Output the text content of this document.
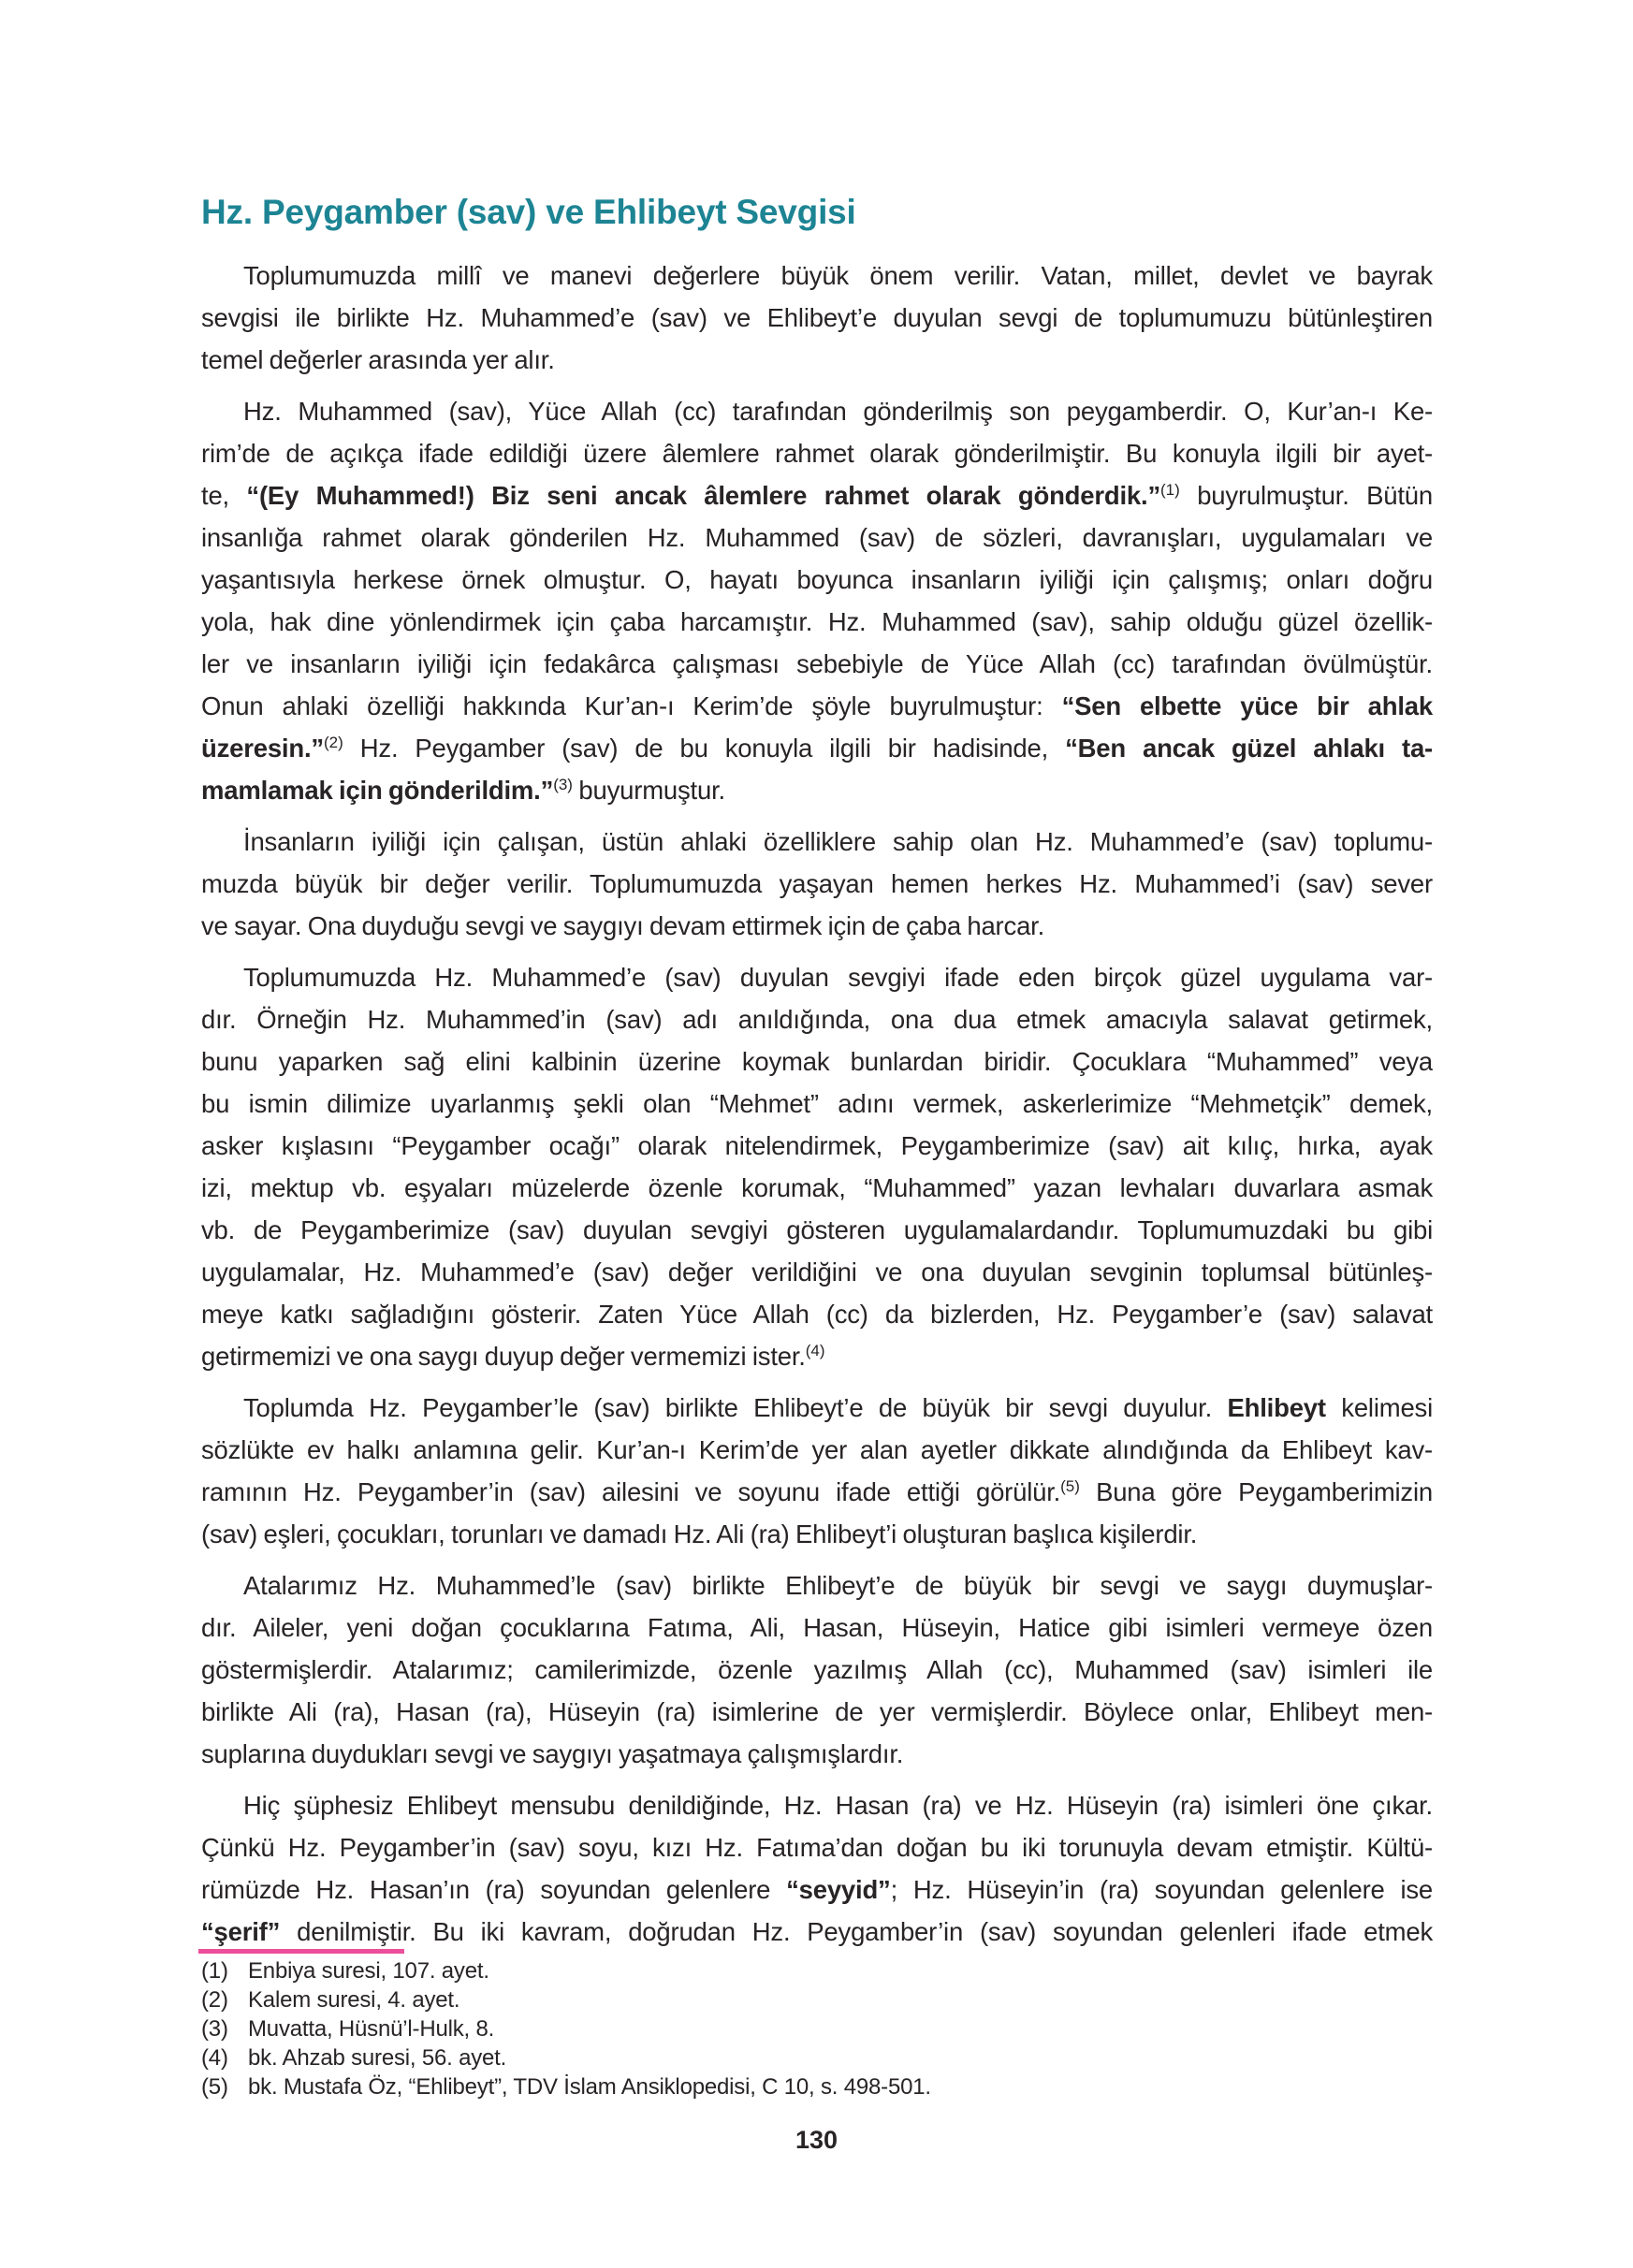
Hz. Peygamber (sav) ve Ehlibeyt Sevgisi
Toplumumuzda millî ve manevi değerlere büyük önem verilir. Vatan, millet, devlet ve bayrak
sevgisi ile birlikte Hz. Muhammed’e (sav) ve Ehlibeyt’e duyulan sevgi de toplumumuzu bütünleştiren
temel değerler arasında yer alır.
Hz. Muhammed (sav), Yüce Allah (cc) tarafından gönderilmiş son peygamberdir. O, Kur’an-ı Ke-
rim’de de açıkça ifade edildiği üzere âlemlere rahmet olarak gönderilmiştir. Bu konuyla ilgili bir ayet-
te, “(Ey Muhammed!) Biz seni ancak âlemlere rahmet olarak gönderdik.”$^{(1)}$ buyrulmuştur. Bütün
insanlığa rahmet olarak gönderilen Hz. Muhammed (sav) de sözleri, davranışları, uygulamaları ve
yaşantısıyla herkese örnek olmuştur. O, hayatı boyunca insanların iyiliği için çalışmış; onları doğru
yola, hak dine yönlendirmek için çaba harcamıştır. Hz. Muhammed (sav), sahip olduğu güzel özellik-
ler ve insanların iyiliği için fedakârca çalışması sebebiyle de Yüce Allah (cc) tarafından övülmüştür.
Onun ahlaki özelliği hakkında Kur’an-ı Kerim’de şöyle buyrulmuştur: “Sen elbette yüce bir ahlak
üzeresin.”$^{(2)}$ Hz. Peygamber (sav) de bu konuyla ilgili bir hadisinde, “Ben ancak güzel ahlakı ta-
mamlamak için gönderildim.”$^{(3)}$ buyurmuştur.
İnsanların iyiliği için çalışan, üstün ahlaki özelliklere sahip olan Hz. Muhammed’e (sav) toplumu-
muzda büyük bir değer verilir. Toplumumuzda yaşayan hemen herkes Hz. Muhammed’i (sav) sever
ve sayar. Ona duyduğu sevgi ve saygıyı devam ettirmek için de çaba harcar.
Toplumumuzda Hz. Muhammed’e (sav) duyulan sevgiyi ifade eden birçok güzel uygulama var-
dır. Örneğin Hz. Muhammed’in (sav) adı anıldığında, ona dua etmek amacıyla salavat getirmek,
bunu yaparken sağ elini kalbinin üzerine koymak bunlardan biridir. Çocuklara “Muhammed” veya
bu ismin dilimize uyarlanmış şekli olan “Mehmet” adını vermek, askerlerimize “Mehmetçik” demek,
asker kışlasını “Peygamber ocağı” olarak nitelendirmek, Peygamberimize (sav) ait kılıç, hırka, ayak
izi, mektup vb. eşyaları müzelerde özenle korumak, “Muhammed” yazan levhaları duvarlara asmak
vb. de Peygamberimize (sav) duyulan sevgiyi gösteren uygulamalardandır. Toplumumuzdaki bu gibi
uygulamalar, Hz. Muhammed’e (sav) değer verildiğini ve ona duyulan sevginin toplumsal bütünleş-
meye katkı sağladığını gösterir. Zaten Yüce Allah (cc) da bizlerden, Hz. Peygamber’e (sav) salavat
getirmemizi ve ona saygı duyup değer vermemizi ister.$^{(4)}$
Toplumda Hz. Peygamber’le (sav) birlikte Ehlibeyt’e de büyük bir sevgi duyulur. Ehlibeyt kelimesi
sözlükte ev halkı anlamına gelir. Kur’an-ı Kerim’de yer alan ayetler dikkate alındığında da Ehlibeyt kav-
ramının Hz. Peygamber’in (sav) ailesini ve soyunu ifade ettiği görülür.$^{(5)}$ Buna göre Peygamberimizin
(sav) eşleri, çocukları, torunları ve damadı Hz. Ali (ra) Ehlibeyt’i oluşturan başlıca kişilerdir.
Atalarımız Hz. Muhammed’le (sav) birlikte Ehlibeyt’e de büyük bir sevgi ve saygı duymuşlar-
dır. Aileler, yeni doğan çocuklarına Fatıma, Ali, Hasan, Hüseyin, Hatice gibi isimleri vermeye özen
göstermişlerdir. Atalarımız; camilerimizde, özenle yazılmış Allah (cc), Muhammed (sav) isimleri ile
birlikte Ali (ra), Hasan (ra), Hüseyin (ra) isimlerine de yer vermişlerdir. Böylece onlar, Ehlibeyt men-
suplarına duydukları sevgi ve saygıyı yaşatmaya çalışmışlardır.
Hiç şüphesiz Ehlibeyt mensubu denildiğinde, Hz. Hasan (ra) ve Hz. Hüseyin (ra) isimleri öne çıkar.
Çünkü Hz. Peygamber’in (sav) soyu, kızı Hz. Fatıma’dan doğan bu iki torunuyla devam etmiştir. Kültü-
rümüzde Hz. Hasan’ın (ra) soyundan gelenlere “seyyid”; Hz. Hüseyin’in (ra) soyundan gelenlere ise
“şerif” denilmiştir. Bu iki kavram, doğrudan Hz. Peygamber’in (sav) soyundan gelenleri ifade etmek
(1) Enbiya suresi, 107. ayet.
(2) Kalem suresi, 4. ayet.
(3) Muvatta, Hüsnü’l-Hulk, 8.
(4) bk. Ahzab suresi, 56. ayet.
(5) bk. Mustafa Öz, “Ehlibeyt”, TDV İslam Ansiklopedisi, C 10, s. 498-501.
130
